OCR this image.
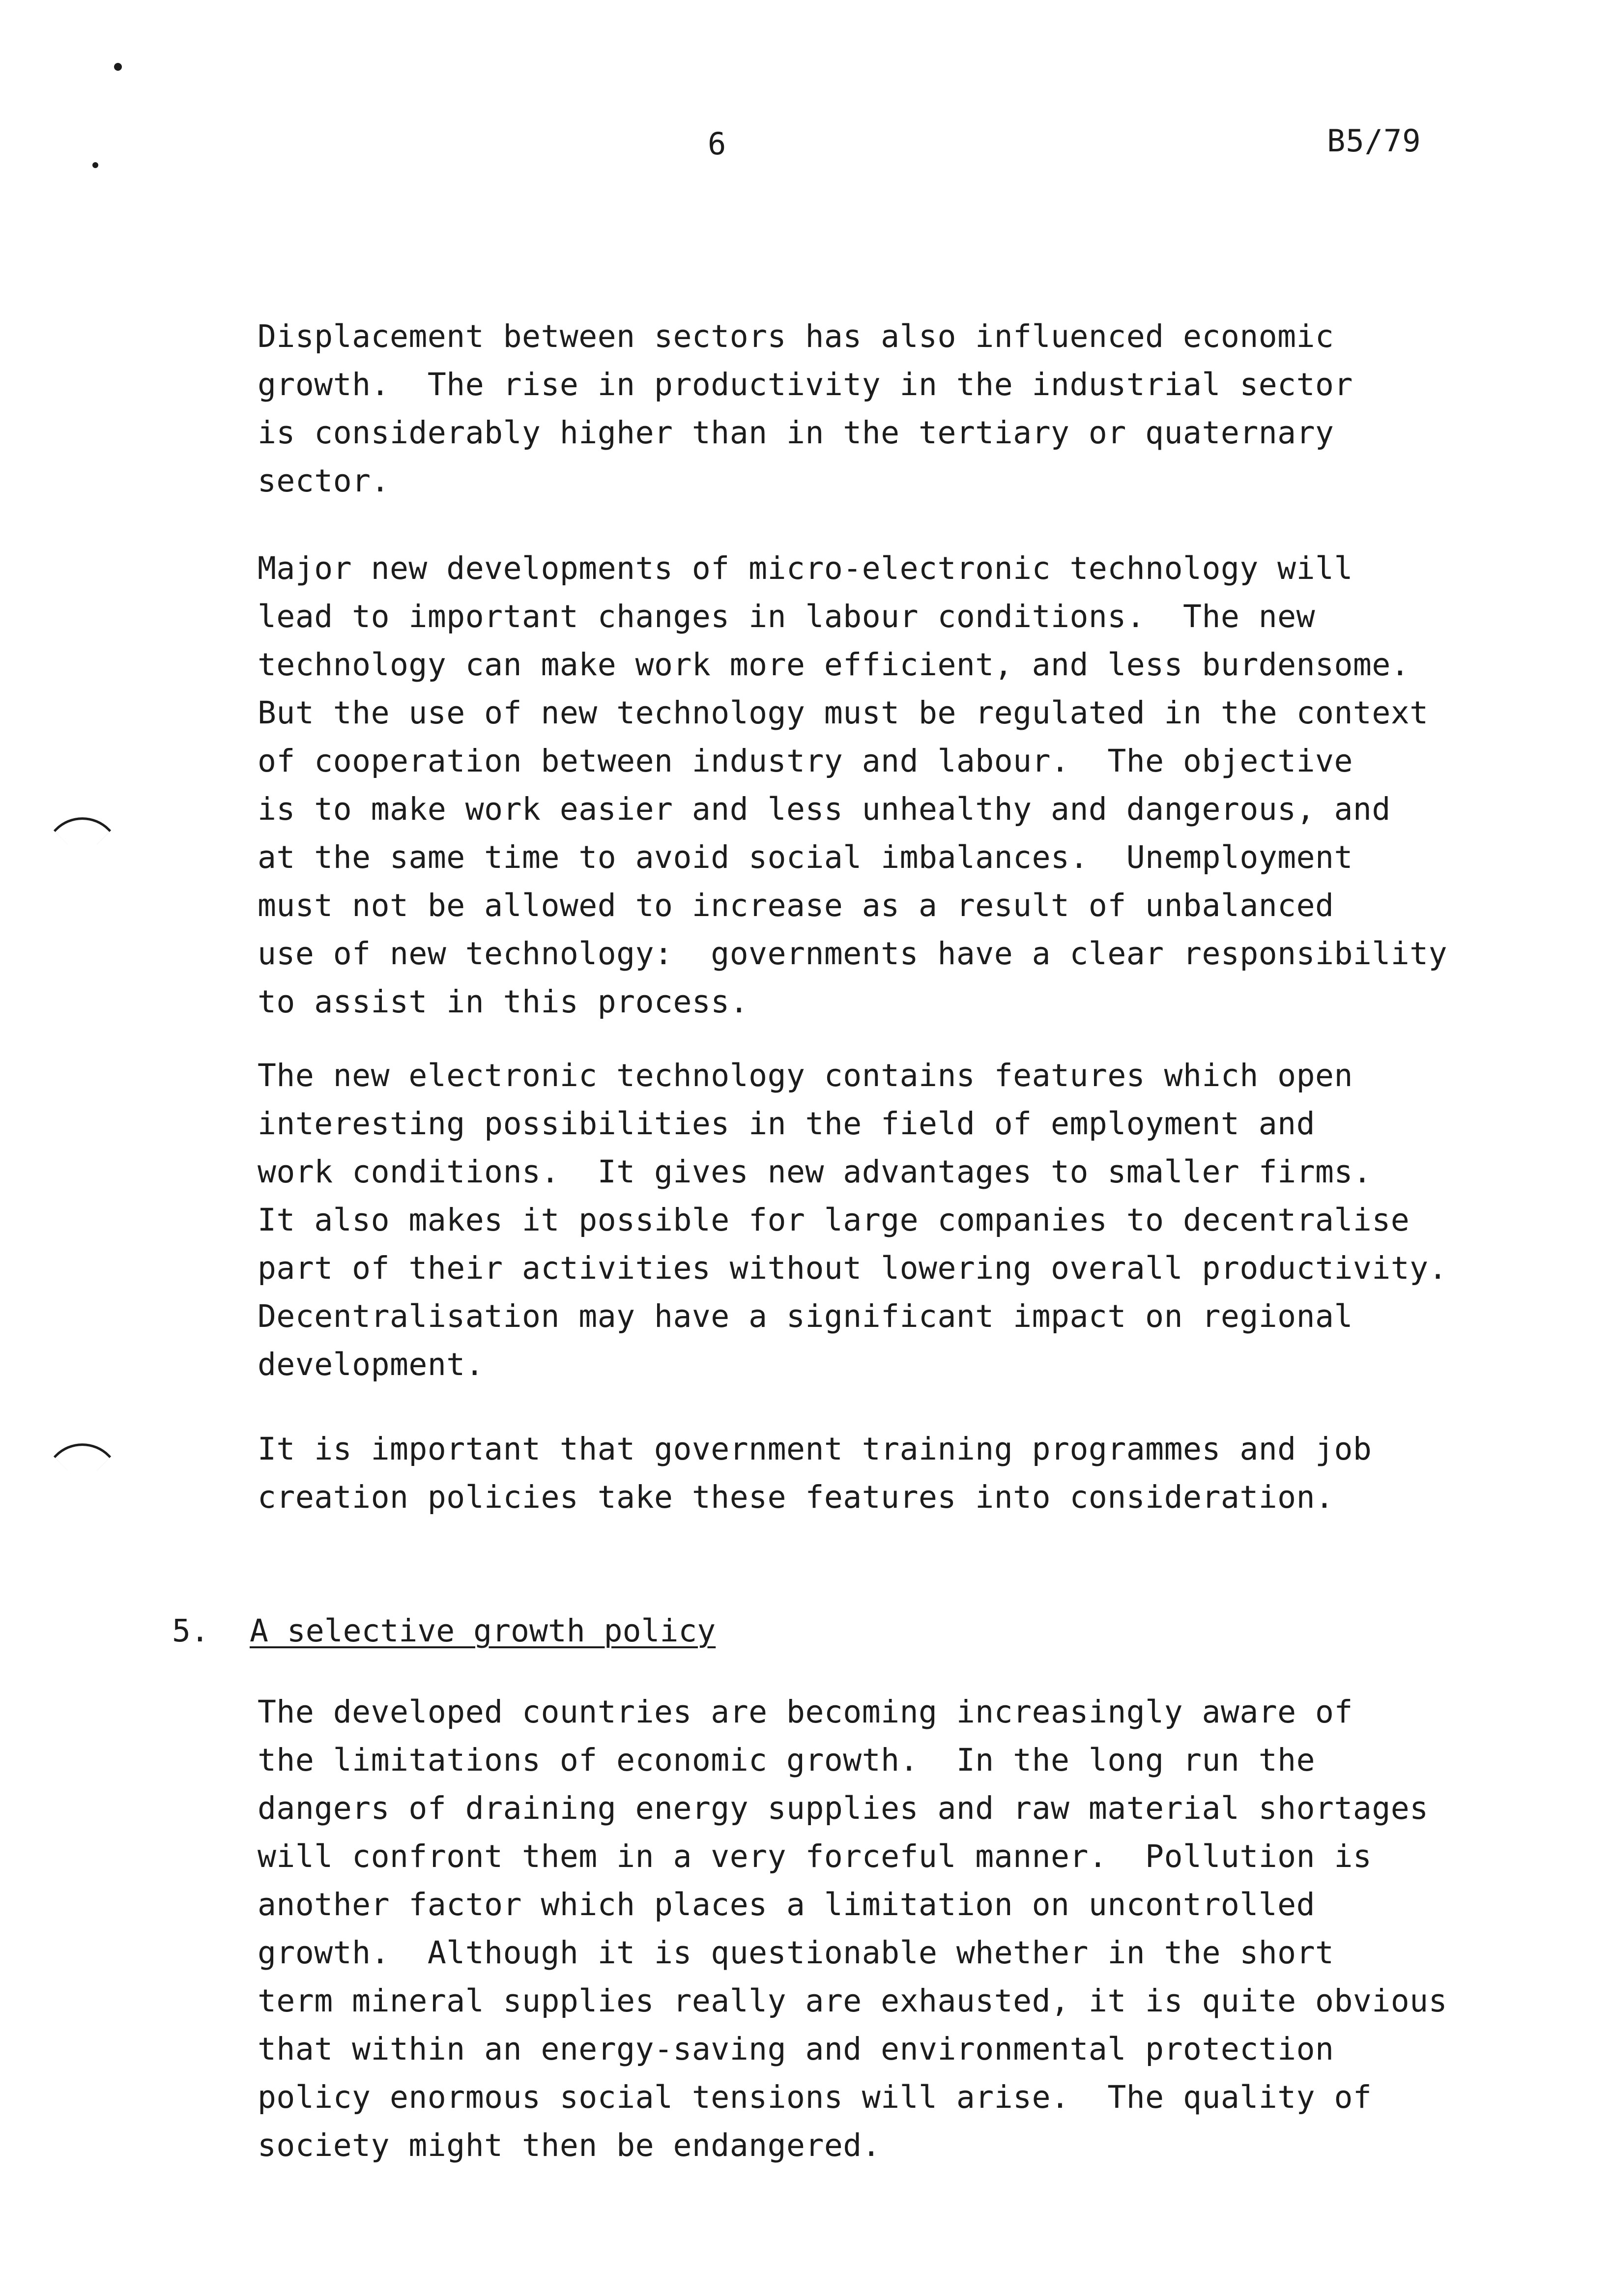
6	B5/79
Displacement between sectors has also influenced economic
growth.  The rise in productivity in the industrial sector
is considerably higher than in the tertiary or quaternary
sector.
Major new developments of micro-electronic technology will
lead to important changes in labour conditions.  The new
technology can make work more efficient, and less burdensome.
But the use of new technology must be regulated in the context
of cooperation between industry and labour.  The objective
is to make work easier and less unhealthy and dangerous, and
at the same time to avoid social imbalances.  Unemployment
must not be allowed to increase as a result of unbalanced
use of new technology:  governments have a clear responsibility
to assist in this process.
The new electronic technology contains features which open
interesting possibilities in the field of employment and
work conditions.  It gives new advantages to smaller firms.
It also makes it possible for large companies to decentralise
part of their activities without lowering overall productivity.
Decentralisation may have a significant impact on regional
development.
It is important that government training programmes and job
creation policies take these features into consideration.
5. A selective growth policy
The developed countries are becoming increasingly aware of
the limitations of economic growth.  In the long run the
dangers of draining energy supplies and raw material shortages
will confront them in a very forceful manner.  Pollution is
another factor which places a limitation on uncontrolled
growth.  Although it is questionable whether in the short
term mineral supplies really are exhausted, it is quite obvious
that within an energy-saving and environmental protection
policy enormous social tensions will arise.  The quality of
society might then be endangered.
